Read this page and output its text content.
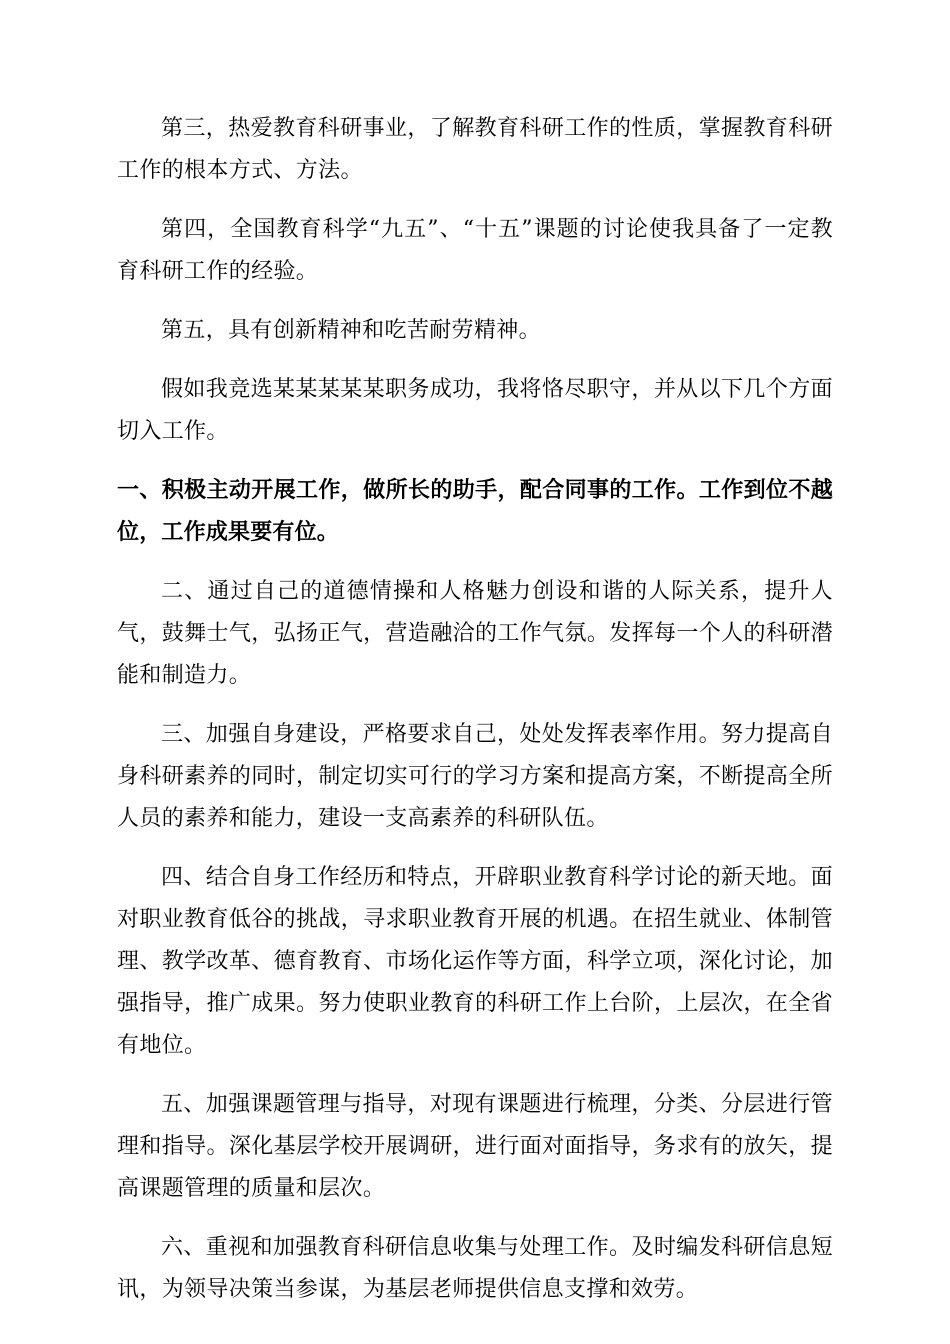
第三，热爱教育科研事业，了解教育科研工作的性质，掌握教育科研工作的根本方式、方法。

第四，全国教育科学“九五”、“十五”课题的讨论使我具备了一定教育科研工作的经验。

第五，具有创新精神和吃苦耐劳精神。

假如我竞选某某某某某职务成功，我将恪尽职守，并从以下几个方面切入工作。

一、积极主动开展工作，做所长的助手，配合同事的工作。工作到位不越位，工作成果要有位。

二、通过自己的道德情操和人格魅力创设和谐的人际关系，提升人气，鼓舞士气，弘扬正气，营造融洽的工作气氛。发挥每一个人的科研潜能和制造力。

三、加强自身建设，严格要求自己，处处发挥表率作用。努力提高自身科研素养的同时，制定切实可行的学习方案和提高方案，不断提高全所人员的素养和能力，建设一支高素养的科研队伍。

四、结合自身工作经历和特点，开辟职业教育科学讨论的新天地。面对职业教育低谷的挑战，寻求职业教育开展的机遇。在招生就业、体制管理、教学改革、德育教育、市场化运作等方面，科学立项，深化讨论，加强指导，推广成果。努力使职业教育的科研工作上台阶，上层次，在全省有地位。

五、加强课题管理与指导，对现有课题进行梳理，分类、分层进行管理和指导。深化基层学校开展调研，进行面对面指导，务求有的放矢，提高课题管理的质量和层次。

六、重视和加强教育科研信息收集与处理工作。及时编发科研信息短讯，为领导决策当参谋，为基层老师提供信息支撑和效劳。
